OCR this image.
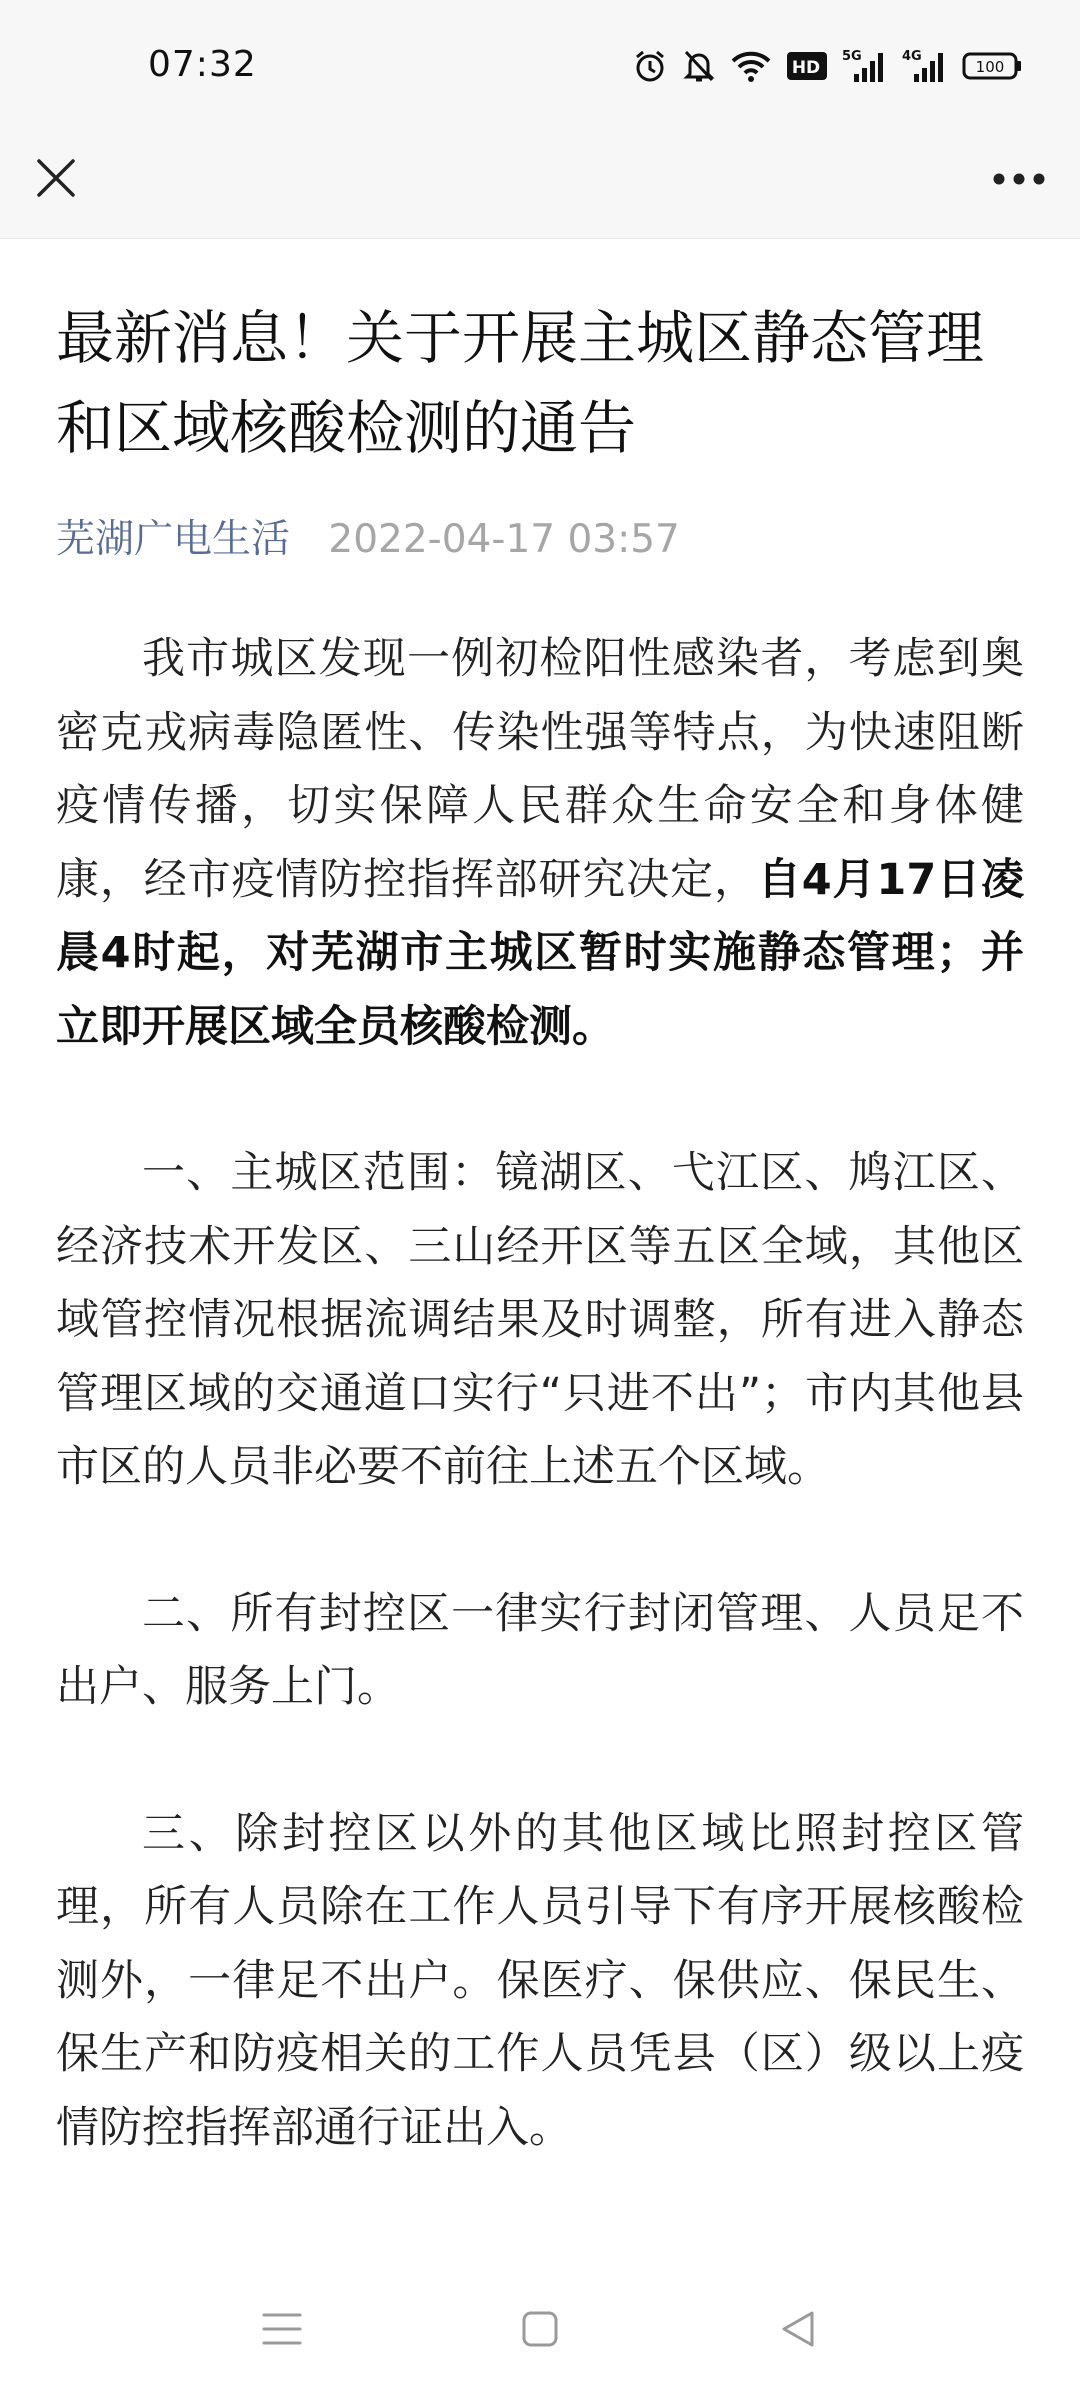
07:32	HD
5G	4G
100
最新消息！关于开展主城区静态管理和区域核酸检测的通告
芜湖广电生活 2022-04-17 03:57

我市城区发现一例初检阳性感染者，考虑到奥密克戎病毒隐匿性、传染性强等特点，为快速阻断疫情传播，切实保障人民群众生命安全和身体健康，经市疫情防控指挥部研究决定，自4月17日凌晨4时起，对芜湖市主城区暂时实施静态管理；并立即开展区域全员核酸检测。

一、主城区范围：镜湖区、弋江区、鸠江区、经济技术开发区、三山经开区等五区全域，其他区域管控情况根据流调结果及时调整，所有进入静态管理区域的交通道口实行“只进不出”；市内其他县市区的人员非必要不前往上述五个区域。

二、所有封控区一律实行封闭管理、人员足不出户、服务上门。

三、除封控区以外的其他区域比照封控区管理，所有人员除在工作人员引导下有序开展核酸检测外，一律足不出户。保医疗、保供应、保民生、保生产和防疫相关的工作人员凭县（区）级以上疫情防控指挥部通行证出入。
